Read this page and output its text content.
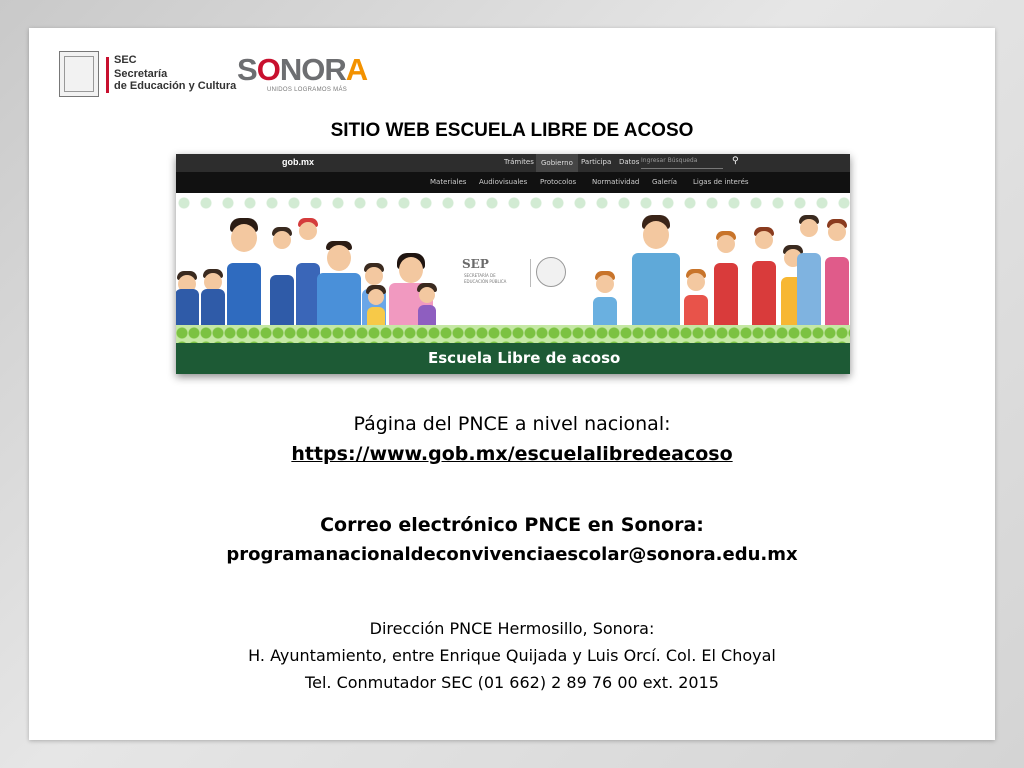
SEC
Secretaría
de Educación y Cultura SONORA
UNIDOS LOGRAMOS MÁS
SITIO WEB ESCUELA LIBRE DE ACOSO
gob.mx	Trámites	Gobierno	Participa Datos Ingresar Búsqueda	⚲
Materiales Audiovisuales Protocolos Normatividad Galería Ligas de interés
SEP
SECRETARÍA DE
EDUCACIÓN PÚBLICA
Escuela Libre de acoso
Página del PNCE a nivel nacional:
https://www.gob.mx/escuelalibredeacoso
Correo electrónico PNCE en Sonora:
programanacionaldeconvivenciaescolar@sonora.edu.mx
Dirección PNCE Hermosillo, Sonora:
H. Ayuntamiento, entre Enrique Quijada y Luis Orcí. Col. El Choyal
Tel. Conmutador SEC (01 662) 2 89 76 00 ext. 2015
